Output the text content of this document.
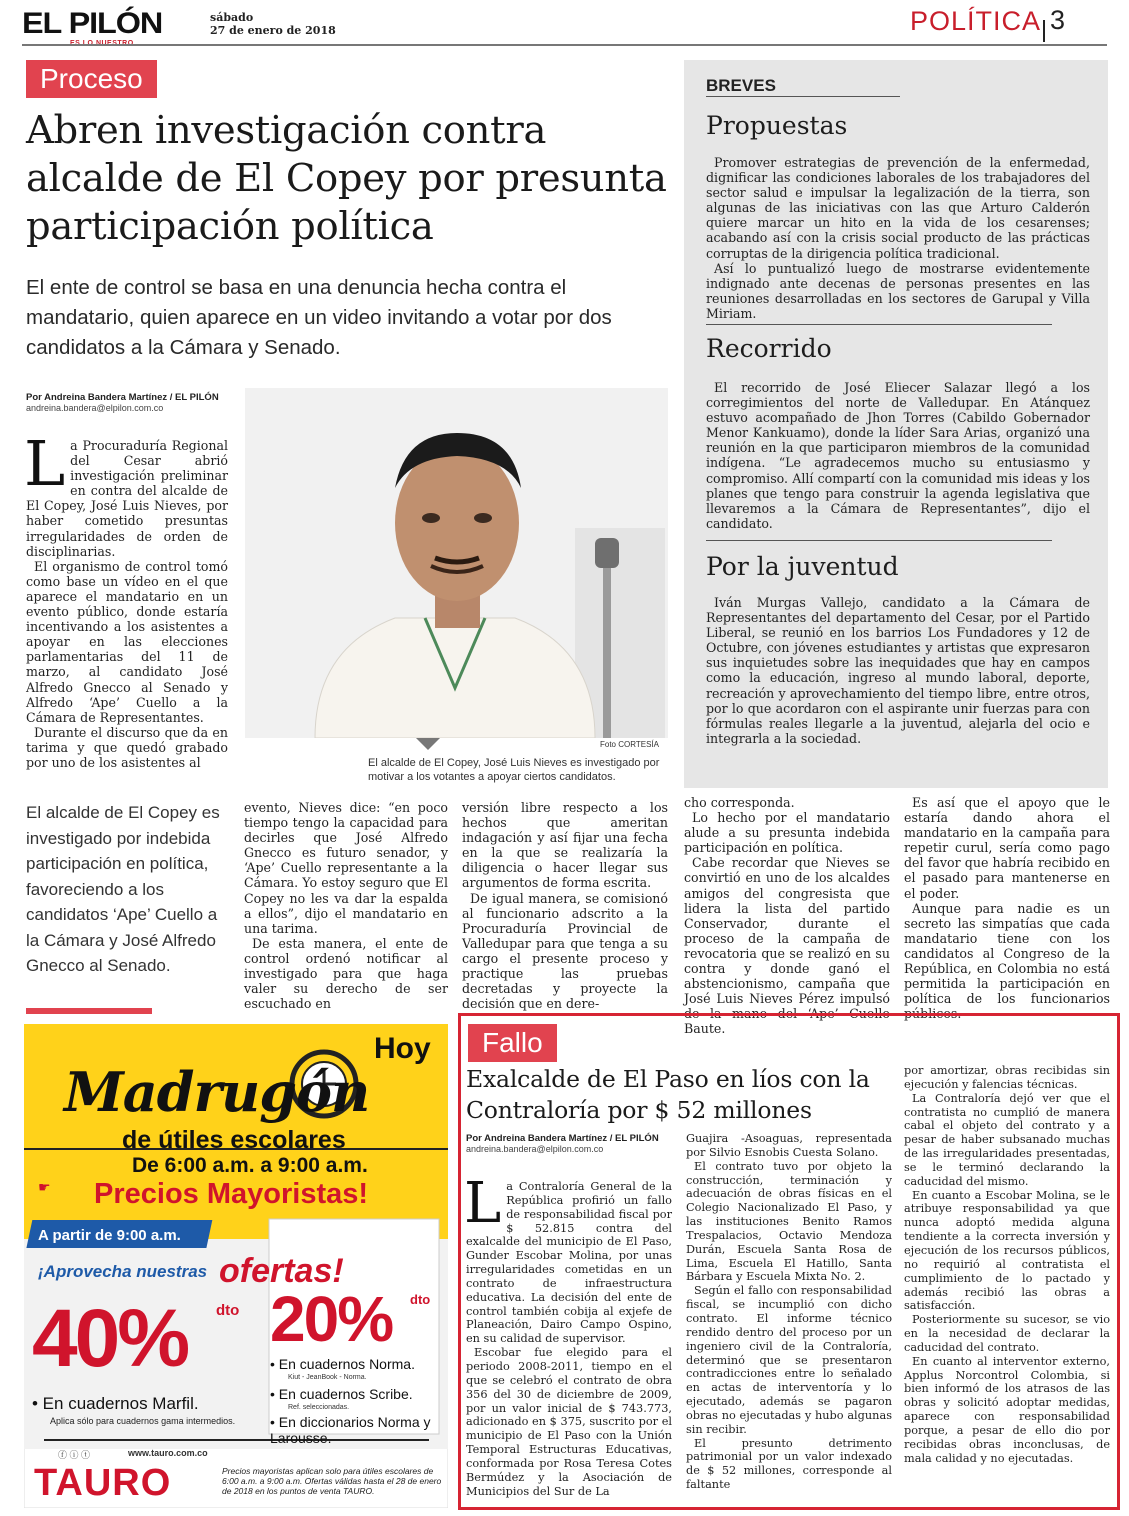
EL PILÓN	sábado
27 de enero de 2018	POLÍTICA 3
Proceso
Abren investigación contra alcalde de El Copey por presunta participación política
El ente de control se basa en una denuncia hecha contra el mandatario, quien aparece en un video invitando a votar por dos candidatos a la Cámara y Senado.
Por Andreina Bandera Martínez / EL PILÓN
andreina.bandera@elpilon.com.co
L a Procuraduría Regional del Cesar abrió investigación preliminar en contra del alcalde de El Copey, José Luis Nieves, por haber cometido presuntas irregularidades de orden de disciplinarias.

El organismo de control tomó como base un vídeo en el que aparece el mandatario en un evento público, donde estaría incentivando a los asistentes a apoyar en las elecciones parlamentarias del 11 de marzo, al candidato José Alfredo Gnecco al Senado y Alfredo ‘Ape’ Cuello a la Cámara de Representantes.

Durante el discurso que da en tarima y que quedó grabado por uno de los asistentes al

Foto CORTESÍA
El alcalde de El Copey, José Luis Nieves es investigado por motivar a los votantes a apoyar ciertos candidatos.
El alcalde de El Copey es investigado por indebida participación en política, favoreciendo a los candidatos ‘Ape’ Cuello a la Cámara y José Alfredo Gnecco al Senado.

evento, Nieves dice: “en poco tiempo tengo la capacidad para decirles que José Alfredo Gnecco es futuro senador, y ‘Ape’ Cuello representante a la Cámara. Yo estoy seguro que El Copey no les va dar la espalda a ellos”, dijo el mandatario en una tarima.

De esta manera, el ente de control ordenó notificar al investigado para que haga valer su derecho de ser escuchado en

versión libre respecto a los hechos que ameritan indagación y así fijar una fecha en la que se realizaría la diligencia o hacer llegar sus argumentos de forma escrita.

De igual manera, se comisionó al funcionario adscrito a la Procuraduría Provincial de Valledupar para que tenga a su cargo el presente proceso y practique las pruebas decretadas y proyecte la decisión que en dere-

cho corresponda.

Lo hecho por el mandatario alude a su presunta indebida participación en política.

Cabe recordar que Nieves se convirtió en uno de los alcaldes amigos del congresista que lidera la lista del partido Conservador, durante el proceso de la campaña de revocatoria que se realizó en su contra y donde ganó el abstencionismo, campaña que José Luis Nieves Pérez impulsó de la mano del ‘Ape’ Cuello Baute.

Es así que el apoyo que le estaría dando ahora el mandatario en la campaña para repetir curul, sería como pago del favor que habría recibido en el pasado para mantenerse en el poder.

Aunque para nadie es un secreto las simpatías que cada mandatario tiene con los candidatos al Congreso de la República, en Colombia no está permitida la participación en política de los funcionarios públicos.

BREVES
Propuestas

Promover estrategias de prevención de la enfermedad, dignificar las condiciones laborales de los trabajadores del sector salud e impulsar la legalización de la tierra, son algunas de las iniciativas con las que Arturo Calderón quiere marcar un hito en la vida de los cesarenses; acabando así con la crisis social producto de las prácticas corruptas de la dirigencia política tradicional.

Así lo puntualizó luego de mostrarse evidentemente indignado ante decenas de personas presentes en las reuniones desarrolladas en los sectores de Garupal y Villa Miriam.

Recorrido

El recorrido de José Eliecer Salazar llegó a los corregimientos del norte de Valledupar. En Atánquez estuvo acompañado de Jhon Torres (Cabildo Gobernador Menor Kankuamo), donde la líder Sara Arias, organizó una reunión en la que participaron miembros de la comunidad indígena. “Le agradecemos mucho su entusiasmo y compromiso. Allí compartí con la comunidad mis ideas y los planes que tengo para construir la agenda legislativa que llevaremos a la Cámara de Representantes”, dijo el candidato.

Por la juventud

Iván Murgas Vallejo, candidato a la Cámara de Representantes del departamento del Cesar, por el Partido Liberal, se reunió en los barrios Los Fundadores y 12 de Octubre, con jóvenes estudiantes y artistas que expresaron sus inquietudes sobre las inequidades que hay en campos como la educación, ingreso al mundo laboral, deporte, recreación y aprovechamiento del tiempo libre, entre otros, por lo que acordaron con el aspirante unir fuerzas para con fórmulas reales llegarle a la juventud, alejarla del ocio e integrarla a la sociedad.

Hoy
Madrugón
de útiles escolares
De 6:00 a.m. a 9:00 a.m.
☛ Precios Mayoristas!
A partir de 9:00 a.m.
¡Aprovecha nuestras ofertas!
40% dto 20% dto
• En cuadernos Marfil.
Aplica sólo para cuadernos gama intermedios.
• En cuadernos Norma.
Kiut - JeanBook - Norma.
• En cuadernos Scribe.
Ref. seleccionadas.
• En diccionarios Norma y Larousse.
ⓕ ⓘ ⓣ	www.tauro.com.co
TAURO	Precios mayoristas aplican solo para útiles escolares de 6:00 a.m. a 9:00 a.m. Ofertas válidas hasta el 28 de enero de 2018 en los puntos de venta TAURO.
Fallo
Exalcalde de El Paso en líos con la Contraloría por $ 52 millones
Por Andreina Bandera Martínez / EL PILÓN
andreina.bandera@elpilon.com.co
L a Contraloría General de la República profirió un fallo de responsabilidad fiscal por $ 52.815 contra del exalcalde del municipio de El Paso, Gunder Escobar Molina, por unas irregularidades cometidas en un contrato de infraestructura educativa. La decisión del ente de control también cobija al exjefe de Planeación, Dairo Campo Ospino, en su calidad de supervisor.

Escobar fue elegido para el periodo 2008-2011, tiempo en el que se celebró el contrato de obra 356 del 30 de diciembre de 2009, por un valor inicial de $ 743.773, adicionado en $ 375, suscrito por el municipio de El Paso con la Unión Temporal Estructuras Educativas, conformada por Rosa Teresa Cotes Bermúdez y la Asociación de Municipios del Sur de La

Guajira -Asoaguas, representada por Silvio Esnobis Cuesta Solano.

El contrato tuvo por objeto la construcción, terminación y adecuación de obras físicas en el Colegio Nacionalizado El Paso, y las instituciones Benito Ramos Trespalacios, Octavio Mendoza Durán, Escuela Santa Rosa de Lima, Escuela El Hatillo, Santa Bárbara y Escuela Mixta No. 2.

Según el fallo con responsabilidad fiscal, se incumplió con dicho contrato. El informe técnico rendido dentro del proceso por un ingeniero civil de la Contraloría, determinó que se presentaron contradicciones entre lo señalado en actas de interventoría y lo ejecutado, además se pagaron obras no ejecutadas y hubo algunas sin recibir.

El presunto detrimento patrimonial por un valor indexado de $ 52 millones, corresponde al faltante

por amortizar, obras recibidas sin ejecución y falencias técnicas.

La Contraloría dejó ver que el contratista no cumplió de manera cabal el objeto del contrato y a pesar de haber subsanado muchas de las irregularidades presentadas, se le terminó declarando la caducidad del mismo.

En cuanto a Escobar Molina, se le atribuye responsabilidad ya que nunca adoptó medida alguna tendiente a la correcta inversión y ejecución de los recursos públicos, no requirió al contratista el cumplimiento de lo pactado y además recibió las obras a satisfacción.

Posteriormente su sucesor, se vio en la necesidad de declarar la caducidad del contrato.

En cuanto al interventor externo, Applus Norcontrol Colombia, si bien informó de los atrasos de las obras y solicitó adoptar medidas, aparece con responsabilidad porque, a pesar de ello dio por recibidas obras inconclusas, de mala calidad y no ejecutadas.
